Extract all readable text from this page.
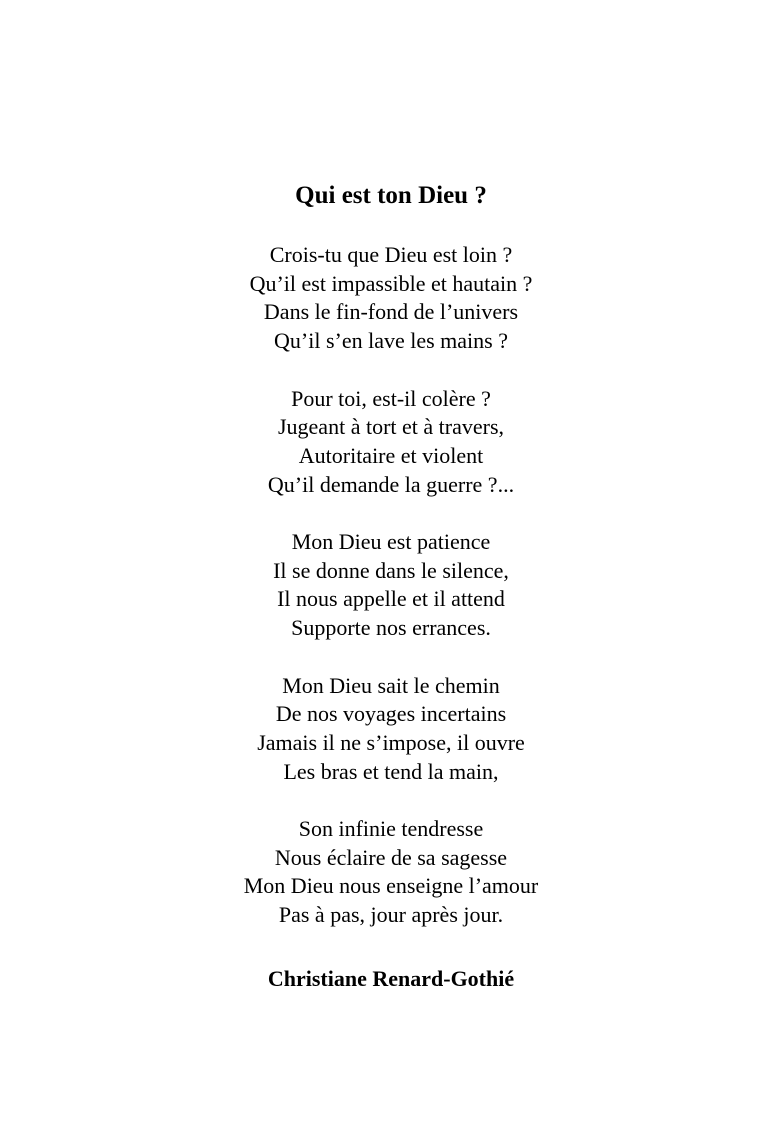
Qui est ton Dieu ?
Crois-tu que Dieu est loin ?
Qu’il est impassible et hautain ?
Dans le fin-fond de l’univers
Qu’il s’en lave les mains ?
Pour toi, est-il colère ?
Jugeant à tort et à travers,
Autoritaire et violent
Qu’il demande la guerre ?...
Mon Dieu est patience
Il se donne dans le silence,
Il nous appelle et il attend
Supporte nos errances.
Mon Dieu sait le chemin
De nos voyages incertains
Jamais il ne s’impose, il ouvre
Les bras et tend la main,
Son infinie tendresse
Nous éclaire de sa sagesse
Mon Dieu nous enseigne l’amour
Pas à pas, jour après jour.

Christiane Renard-Gothié
